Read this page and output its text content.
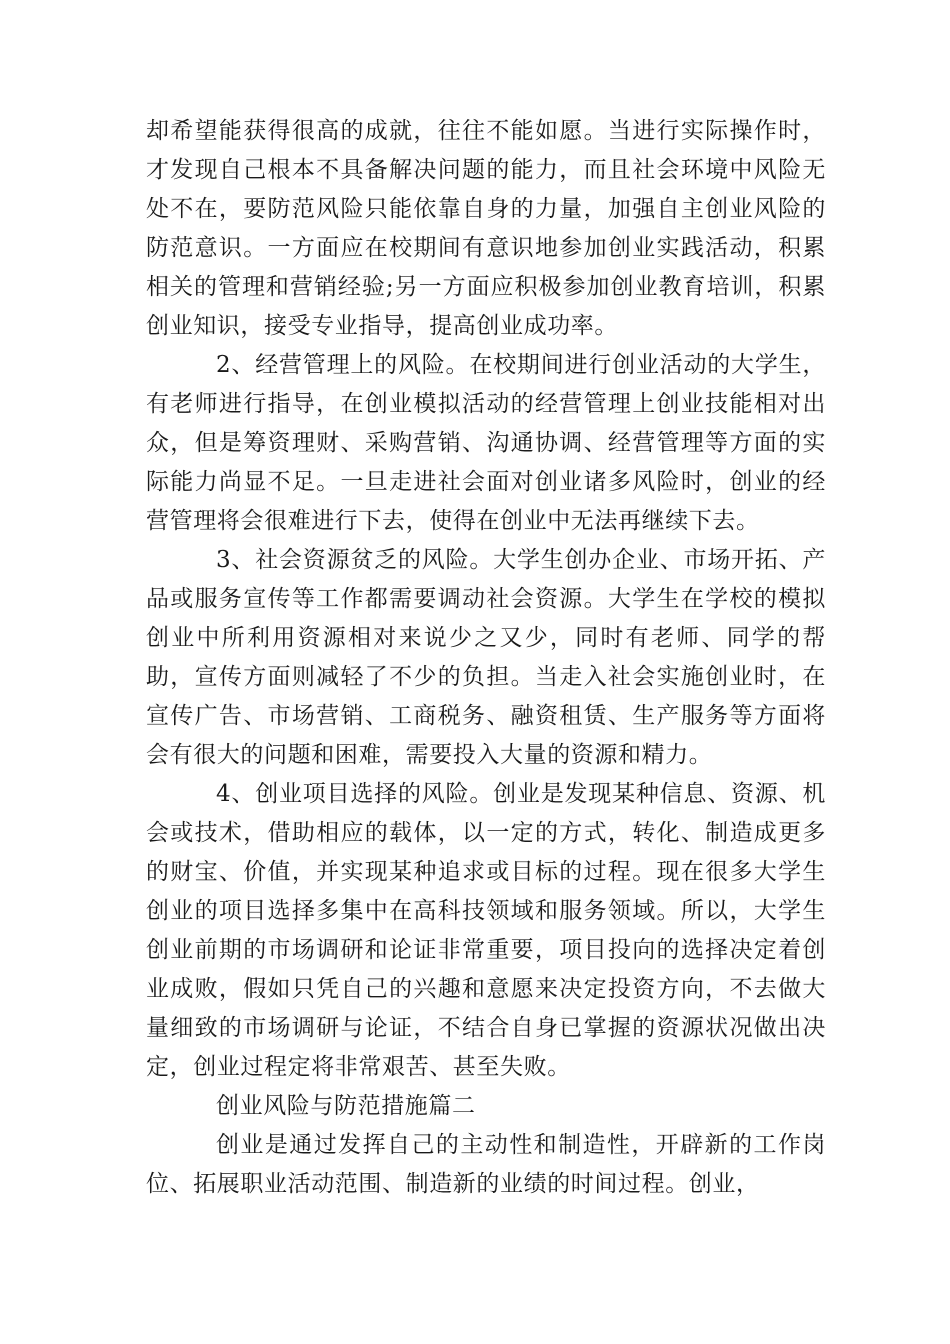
却希望能获得很高的成就，往往不能如愿。当进行实际操作时，才发现自己根本不具备解决问题的能力，而且社会环境中风险无处不在，要防范风险只能依靠自身的力量，加强自主创业风险的防范意识。一方面应在校期间有意识地参加创业实践活动，积累相关的管理和营销经验;另一方面应积极参加创业教育培训，积累创业知识，接受专业指导，提高创业成功率。

2、经营管理上的风险。在校期间进行创业活动的大学生，有老师进行指导，在创业模拟活动的经营管理上创业技能相对出众，但是筹资理财、采购营销、沟通协调、经营管理等方面的实际能力尚显不足。一旦走进社会面对创业诸多风险时，创业的经营管理将会很难进行下去，使得在创业中无法再继续下去。

3、社会资源贫乏的风险。大学生创办企业、市场开拓、产品或服务宣传等工作都需要调动社会资源。大学生在学校的模拟创业中所利用资源相对来说少之又少，同时有老师、同学的帮助，宣传方面则减轻了不少的负担。当走入社会实施创业时，在宣传广告、市场营销、工商税务、融资租赁、生产服务等方面将会有很大的问题和困难，需要投入大量的资源和精力。

4、创业项目选择的风险。创业是发现某种信息、资源、机会或技术，借助相应的载体，以一定的方式，转化、制造成更多的财宝、价值，并实现某种追求或目标的过程。现在很多大学生创业的项目选择多集中在高科技领域和服务领域。所以，大学生创业前期的市场调研和论证非常重要，项目投向的选择决定着创业成败，假如只凭自己的兴趣和意愿来决定投资方向，不去做大量细致的市场调研与论证，不结合自身已掌握的资源状况做出决定，创业过程定将非常艰苦、甚至失败。

创业风险与防范措施篇二

创业是通过发挥自己的主动性和制造性，开辟新的工作岗位、拓展职业活动范围、制造新的业绩的时间过程。创业，
